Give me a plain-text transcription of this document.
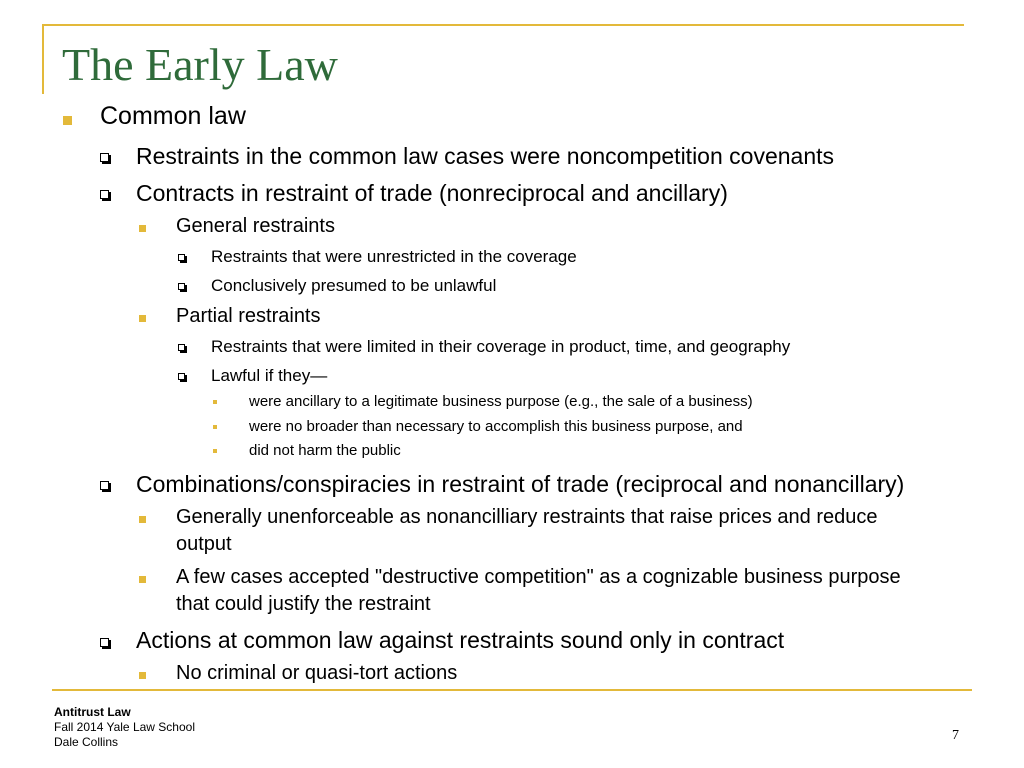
The Early Law
Common law
Restraints in the common law cases were noncompetition covenants
Contracts in restraint of trade (nonreciprocal and ancillary)
General restraints
Restraints that were unrestricted in the coverage
Conclusively presumed to be unlawful
Partial restraints
Restraints that were limited in their coverage in product, time, and geography
Lawful if they—
were ancillary to a legitimate business purpose (e.g., the sale of a business)
were no broader than necessary to accomplish this business purpose, and
did not harm the public
Combinations/conspiracies in restraint of trade (reciprocal and nonancillary)
Generally unenforceable as nonancilliary restraints that raise prices and reduce
output
A few cases accepted "destructive competition" as a cognizable business purpose
that could justify the restraint
Actions at common law against restraints sound only in contract
No criminal or quasi-tort actions
Antitrust Law
Fall 2014 Yale Law School
Dale Collins	7
